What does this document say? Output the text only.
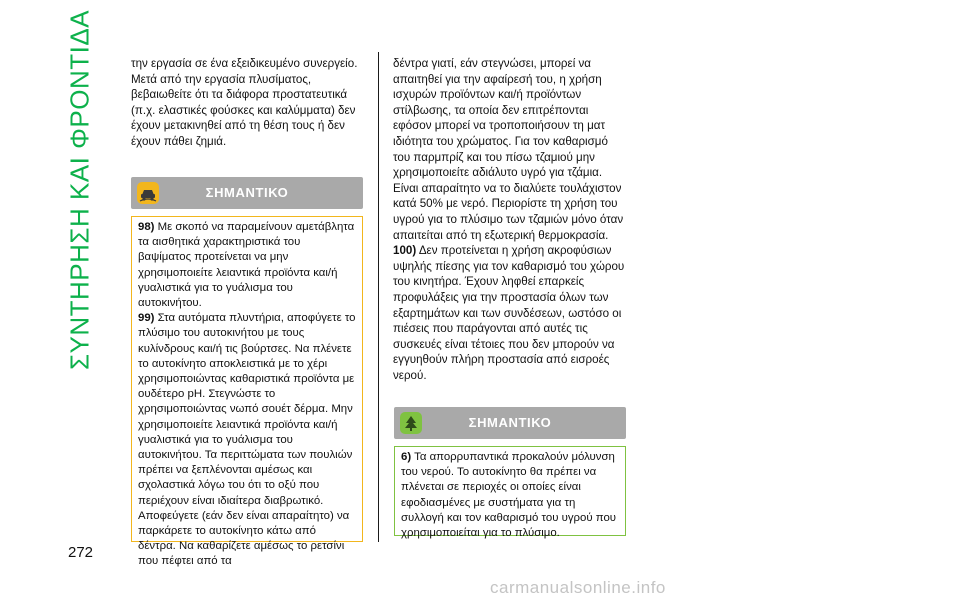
ΣΥΝΤΗΡΗΣΗ ΚΑΙ ΦΡΟΝΤΙΔΑ
272

την εργασία σε ένα εξειδικευμένο συνεργείο. Μετά από την εργασία πλυσίματος, βεβαιωθείτε ότι τα διάφορα προστατευτικά (π.χ. ελαστικές φούσκες και καλύμματα) δεν έχουν μετακινηθεί από τη θέση τους ή δεν έχουν πάθει ζημιά.

ΣΗΜΑΝΤΙΚΟ

98) Με σκοπό να παραμείνουν αμετάβλητα τα αισθητικά χαρακτηριστικά του βαψίματος προτείνεται να μην χρησιμοποιείτε λειαντικά προϊόντα και/ή γυαλιστικά για το γυάλισμα του αυτοκινήτου.

99) Στα αυτόματα πλυντήρια, αποφύγετε το πλύσιμο του αυτοκινήτου με τους κυλίνδρους και/ή τις βούρτσες. Να πλένετε το αυτοκίνητο αποκλειστικά με το χέρι χρησιμοποιώντας καθαριστικά προϊόντα με ουδέτερο pH. Στεγνώστε το χρησιμοποιώντας νωπό σουέτ δέρμα. Μην χρησιμοποιείτε λειαντικά προϊόντα και/ή γυαλιστικά για το γυάλισμα του αυτοκινήτου. Τα περιττώματα των πουλιών πρέπει να ξεπλένονται αμέσως και σχολαστικά λόγω του ότι το οξύ που περιέχουν είναι ιδιαίτερα διαβρωτικό. Αποφεύγετε (εάν δεν είναι απαραίτητο) να παρκάρετε το αυτοκίνητο κάτω από δέντρα. Να καθαρίζετε αμέσως το ρετσίνι που πέφτει από τα

δέντρα γιατί, εάν στεγνώσει, μπορεί να απαιτηθεί για την αφαίρεσή του, η χρήση ισχυρών προϊόντων και/ή προϊόντων στίλβωσης, τα οποία δεν επιτρέπονται εφόσον μπορεί να τροποποιήσουν τη ματ ιδιότητα του χρώματος. Για τον καθαρισμό του παρμπρίζ και του πίσω τζαμιού μην χρησιμοποιείτε αδιάλυτο υγρό για τζάμια. Είναι απαραίτητο να το διαλύετε τουλάχιστον κατά 50% με νερό. Περιορίστε τη χρήση του υγρού για το πλύσιμο των τζαμιών μόνο όταν απαιτείται από τη εξωτερική θερμοκρασία.

100) Δεν προτείνεται η χρήση ακροφύσιων υψηλής πίεσης για τον καθαρισμό του χώρου του κινητήρα. Έχουν ληφθεί επαρκείς προφυλάξεις για την προστασία όλων των εξαρτημάτων και των συνδέσεων, ωστόσο οι πιέσεις που παράγονται από αυτές τις συσκευές είναι τέτοιες που δεν μπορούν να εγγυηθούν πλήρη προστασία από εισροές νερού.

ΣΗΜΑΝΤΙΚΟ

6) Τα απορρυπαντικά προκαλούν μόλυνση του νερού. Το αυτοκίνητο θα πρέπει να πλένεται σε περιοχές οι οποίες είναι εφοδιασμένες με συστήματα για τη συλλογή και τον καθαρισμό του υγρού που χρησιμοποιείται για το πλύσιμο.

carmanualsonline.info
